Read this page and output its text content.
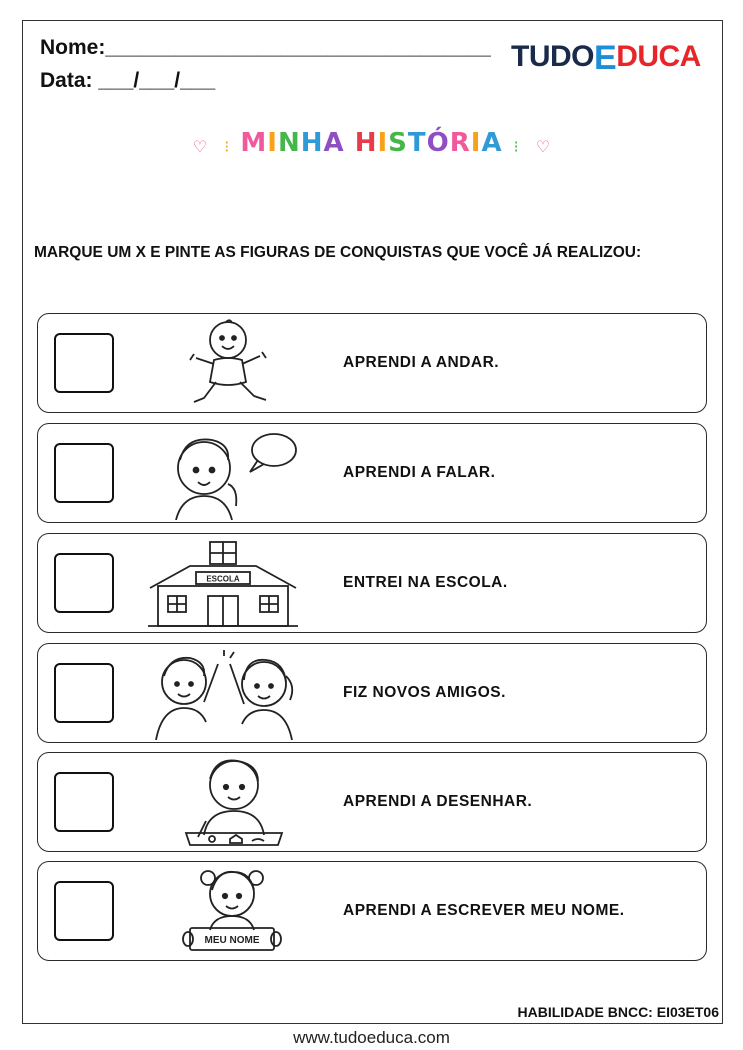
Nome:_________________________________
Data: ___/___/___
TUDOEDUCA
♡ ⁝ MINHA HISTÓRIA ⁝ ♡
MARQUE UM X E PINTE AS FIGURAS DE CONQUISTAS QUE VOCÊ JÁ REALIZOU:
APRENDI A ANDAR.
APRENDI A FALAR.
ESCOLA	ENTREI NA ESCOLA.
FIZ NOVOS AMIGOS.
APRENDI A DESENHAR.
MEU NOME
APRENDI A ESCREVER MEU NOME.
HABILIDADE BNCC: EI03ET06
www.tudoeduca.com
